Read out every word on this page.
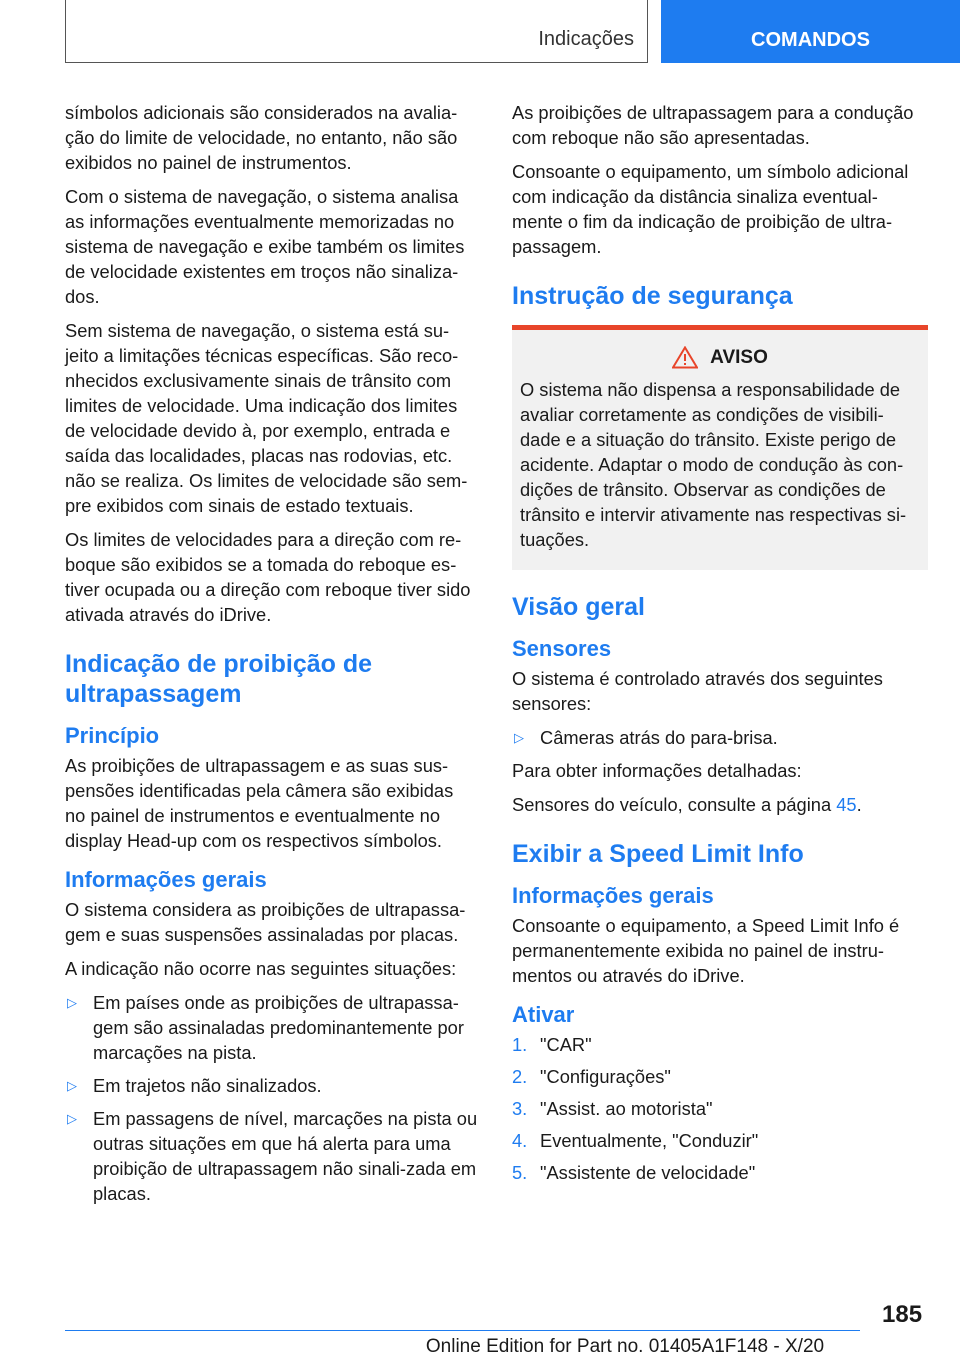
Indicações	COMANDOS

símbolos adicionais são considerados na avalia-ção do limite de velocidade, no entanto, não são exibidos no painel de instrumentos.

Com o sistema de navegação, o sistema analisa as informações eventualmente memorizadas no sistema de navegação e exibe também os limites de velocidade existentes em troços não sinaliza-dos.

Sem sistema de navegação, o sistema está su-jeito a limitações técnicas específicas. São reco-nhecidos exclusivamente sinais de trânsito com limites de velocidade. Uma indicação dos limites de velocidade devido à, por exemplo, entrada e saída das localidades, placas nas rodovias, etc. não se realiza. Os limites de velocidade são sem-pre exibidos com sinais de estado textuais.

Os limites de velocidades para a direção com re-boque são exibidos se a tomada do reboque es-tiver ocupada ou a direção com reboque tiver sido ativada através do iDrive.

Indicação de proibição de ultrapassagem
Princípio

As proibições de ultrapassagem e as suas sus-pensões identificadas pela câmera são exibidas no painel de instrumentos e eventualmente no display Head-up com os respectivos símbolos.

Informações gerais

O sistema considera as proibições de ultrapassa-gem e suas suspensões assinaladas por placas.

A indicação não ocorre nas seguintes situações:

▷ Em países onde as proibições de ultrapassa-gem são assinaladas predominantemente por marcações na pista.
▷ Em trajetos não sinalizados.
▷ Em passagens de nível, marcações na pista ou outras situações em que há alerta para uma proibição de ultrapassagem não sinali-zada em placas.

As proibições de ultrapassagem para a condução com reboque não são apresentadas.

Consoante o equipamento, um símbolo adicional com indicação da distância sinaliza eventual-mente o fim da indicação de proibição de ultra-passagem.

Instrução de segurança
AVISO

O sistema não dispensa a responsabilidade de avaliar corretamente as condições de visibili-dade e a situação do trânsito. Existe perigo de acidente. Adaptar o modo de condução às con-dições de trânsito. Observar as condições de trânsito e intervir ativamente nas respectivas si-tuações.

Visão geral
Sensores

O sistema é controlado através dos seguintes sensores:

▷ Câmeras atrás do para-brisa.

Para obter informações detalhadas:

Sensores do veículo, consulte a página 45.

Exibir a Speed Limit Info
Informações gerais

Consoante o equipamento, a Speed Limit Info é permanentemente exibida no painel de instru-mentos ou através do iDrive.

Ativar
1. "CAR"
2. "Configurações"
3. "Assist. ao motorista"
4. Eventualmente, "Conduzir"
5. "Assistente de velocidade"
185
Online Edition for Part no. 01405A1F148 - X/20
